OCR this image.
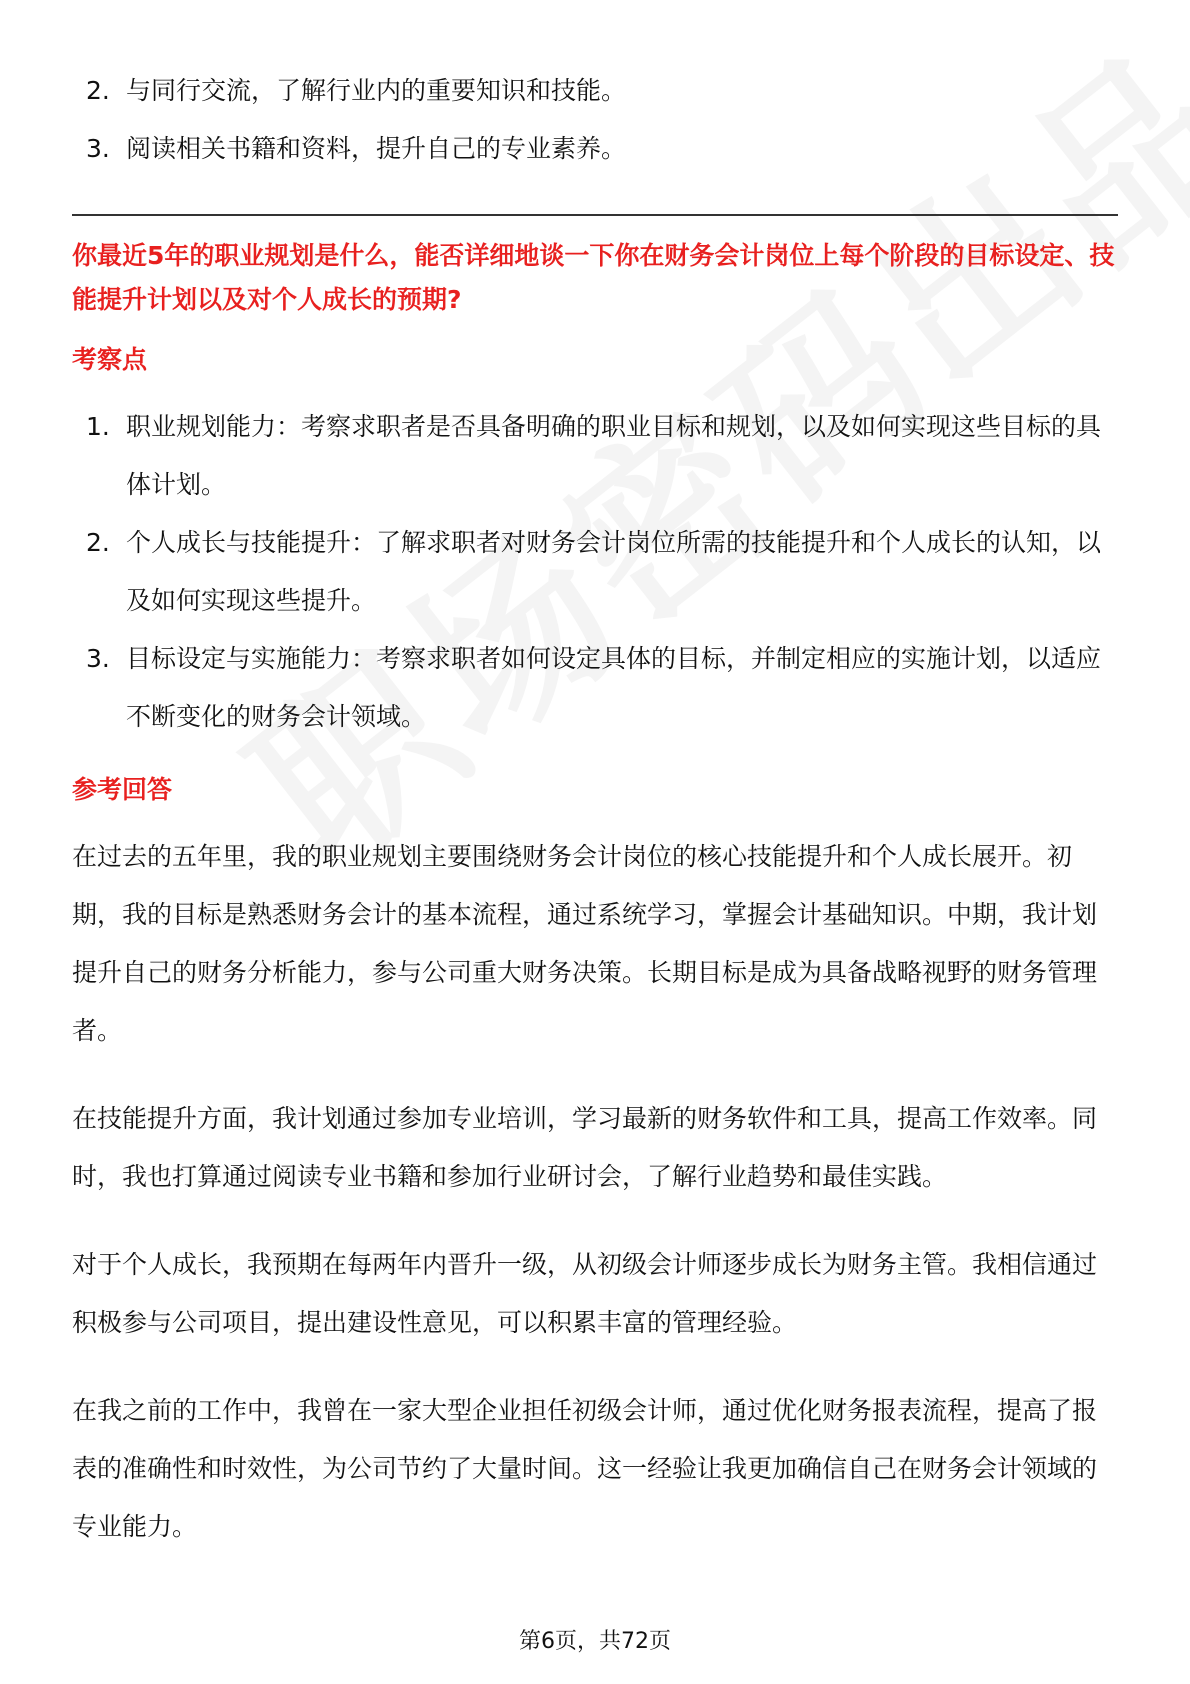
2. 与同行交流，了解行业内的重要知识和技能。
3. 阅读相关书籍和资料，提升自己的专业素养。
你最近5年的职业规划是什么，能否详细地谈一下你在财务会计岗位上每个阶段的目标设定、技能提升计划以及对个人成长的预期?
考察点
1. 职业规划能力：考察求职者是否具备明确的职业目标和规划，以及如何实现这些目标的具体计划。
2. 个人成长与技能提升：了解求职者对财务会计岗位所需的技能提升和个人成长的认知，以及如何实现这些提升。
3. 目标设定与实施能力：考察求职者如何设定具体的目标，并制定相应的实施计划，以适应不断变化的财务会计领域。
参考回答

在过去的五年里，我的职业规划主要围绕财务会计岗位的核心技能提升和个人成长展开。初期，我的目标是熟悉财务会计的基本流程，通过系统学习，掌握会计基础知识。中期，我计划提升自己的财务分析能力，参与公司重大财务决策。长期目标是成为具备战略视野的财务管理者。

在技能提升方面，我计划通过参加专业培训，学习最新的财务软件和工具，提高工作效率。同时，我也打算通过阅读专业书籍和参加行业研讨会，了解行业趋势和最佳实践。

对于个人成长，我预期在每两年内晋升一级，从初级会计师逐步成长为财务主管。我相信通过积极参与公司项目，提出建设性意见，可以积累丰富的管理经验。

在我之前的工作中，我曾在一家大型企业担任初级会计师，通过优化财务报表流程，提高了报表的准确性和时效性，为公司节约了大量时间。这一经验让我更加确信自己在财务会计领域的专业能力。

第6页，共72页
